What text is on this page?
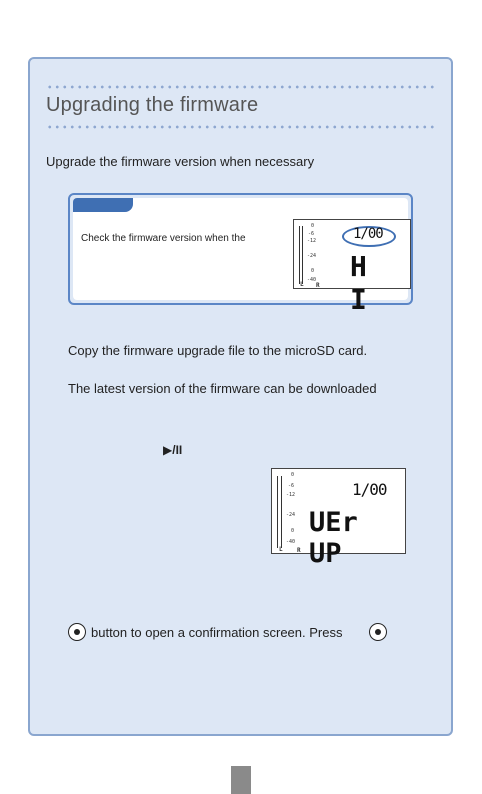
Upgrading the firmware

Upgrade the firmware version when necessary

Check the firmware version when the

0

-6

-12

-24

0

-40

L R

1/00

H I

Copy the firmware upgrade file to the microSD card.

The latest version of the firmware can be downloaded

▶/II

0

-6

-12

-24

0

-40

L R

1/00

UEr UP

button to open a confirmation screen. Press
